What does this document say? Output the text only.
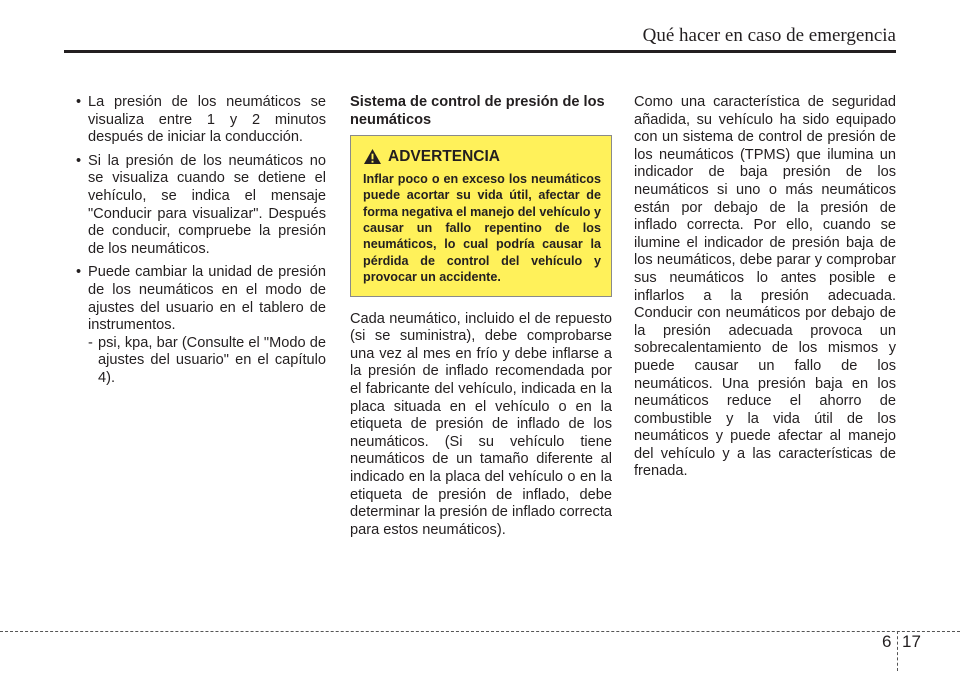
Qué hacer en caso de emergencia
• La presión de los neumáticos se visualiza entre 1 y 2 minutos después de iniciar la conducción.
• Si la presión de los neumáticos no se visualiza cuando se detiene el vehículo, se indica el mensaje "Conducir para visualizar". Después de conducir, compruebe la presión de los neumáticos.
• Puede cambiar la unidad de presión de los neumáticos en el modo de ajustes del usuario en el tablero de instrumentos.
- psi, kpa, bar (Consulte el "Modo de ajustes del usuario" en el capítulo 4).
Sistema de control de presión de los neumáticos
ADVERTENCIA
Inflar poco o en exceso los neumáticos puede acortar su vida útil, afectar de forma negativa el manejo del vehículo y causar un fallo repentino de los neumáticos, lo cual podría causar la pérdida de control del vehículo y provocar un accidente.
Cada neumático, incluido el de repuesto (si se suministra), debe comprobarse una vez al mes en frío y debe inflarse a la presión de inflado recomendada por el fabricante del vehículo, indicada en la placa situada en el vehículo o en la etiqueta de presión de inflado de los neumáticos. (Si su vehículo tiene neumáticos de un tamaño diferente al indicado en la placa del vehículo o en la etiqueta de presión de inflado, debe determinar la presión de inflado correcta para estos neumáticos).
Como una característica de seguridad añadida, su vehículo ha sido equipado con un sistema de control de presión de los neumáticos (TPMS) que ilumina un indicador de baja presión de los neumáticos si uno o más neumáticos están por debajo de la presión de inflado correcta. Por ello, cuando se ilumine el indicador de presión baja de los neumáticos, debe parar y comprobar sus neumáticos lo antes posible e inflarlos a la presión adecuada. Conducir con neumáticos por debajo de la presión adecuada provoca un sobrecalentamiento de los mismos y puede causar un fallo de los neumáticos. Una presión baja en los neumáticos reduce el ahorro de combustible y la vida útil de los neumáticos y puede afectar al manejo del vehículo y a las características de frenada.
6 17
